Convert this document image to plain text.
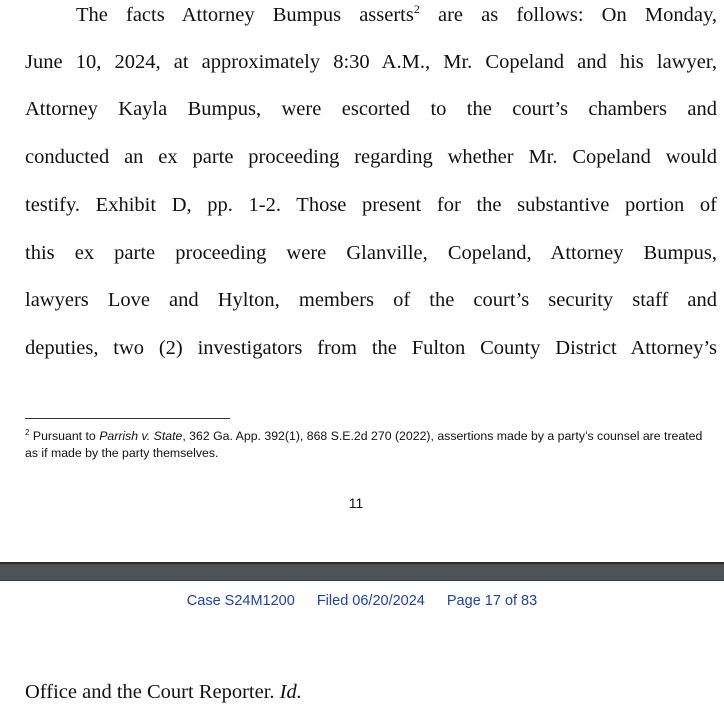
The facts Attorney Bumpus asserts$^2$ are as follows: On Monday,
June 10, 2024, at approximately 8:30 A.M., Mr. Copeland and his lawyer,
Attorney Kayla Bumpus, were escorted to the court’s chambers and
conducted an ex parte proceeding regarding whether Mr. Copeland would
testify. Exhibit D, pp. 1-2. Those present for the substantive portion of
this ex parte proceeding were Glanville, Copeland, Attorney Bumpus,
lawyers Love and Hylton, members of the court’s security staff and
deputies, two (2) investigators from the Fulton County District Attorney’s
$^2$ Pursuant to Parrish v. State, 362 Ga. App. 392(1), 868 S.E.2d 270 (2022), assertions made by a party’s counsel are treated as if made by the party themselves.
11
Case S24M1200 Filed 06/20/2024 Page 17 of 83
Office and the Court Reporter. Id.
